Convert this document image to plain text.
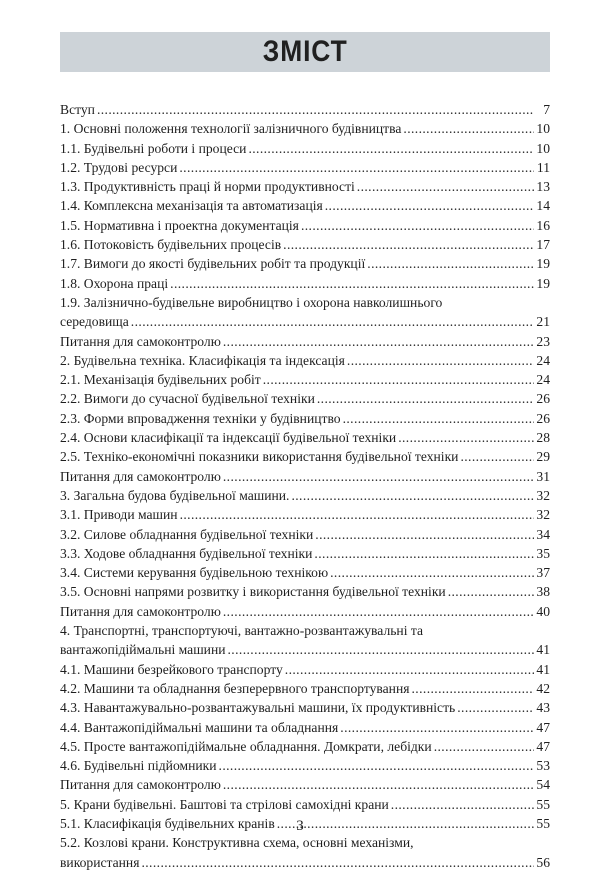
ЗМІСТ
Вступ . . .	7
1. Основні положення технології залізничного будівництва . . .	10
1.1. Будівельні роботи і процеси . . .	10
1.2. Трудові ресурси . . .	11
1.3. Продуктивність праці й норми продуктивності . . .	13
1.4. Комплексна механізація та автоматизація . . .	14
1.5. Нормативна і проектна документація . . .	16
1.6. Потоковість будівельних процесів . . .	17
1.7. Вимоги до якості будівельних робіт та продукції . . .	19
1.8. Охорона праці . . .	19
1.9. Залізнично-будівельне виробництво і охорона навколишнього
середовища . . .	21
Питання для самоконтролю . . .	23
2. Будівельна техніка. Класифікація та індексація . . .	24
2.1. Механізація будівельних робіт . . .	24
2.2. Вимоги до сучасної будівельної техніки . . .	26
2.3. Форми впровадження техніки у будівництво . . .	26
2.4. Основи класифікації та індексації будівельної техніки . . .	28
2.5. Техніко-економічні показники використання будівельної техніки . . .	29
Питання для самоконтролю . . .	31
3. Загальна будова будівельної машини. . . .	32
3.1. Приводи машин . . .	32
3.2. Силове обладнання будівельної техніки . . .	34
3.3. Ходове обладнання будівельної техніки . . .	35
3.4. Системи керування будівельною технікою . . .	37
3.5. Основні напрями розвитку і використання будівельної техніки . . .	38
Питання для самоконтролю . . .	40
4. Транспортні, транспортуючі, вантажно-розвантажувальні та
вантажопідіймальні машини . . .	41
4.1. Машини безрейкового транспорту . . .	41
4.2. Машини та обладнання безперервного транспортування . . .	42
4.3. Навантажувально-розвантажувальні машини, їх продуктивність . . .	43
4.4. Вантажопідіймальні машини та обладнання . . .	47
4.5. Просте вантажопідіймальне обладнання. Домкрати, лебідки . . .	47
4.6. Будівельні підйомники . . .	53
Питання для самоконтролю . . .	54
5. Крани будівельні. Баштові та стрілові самохідні крани . . .	55
5.1. Класифікація будівельних кранів . . .	55
5.2. Козлові крани. Конструктивна схема, основні механізми,
використання . . .	56
3
